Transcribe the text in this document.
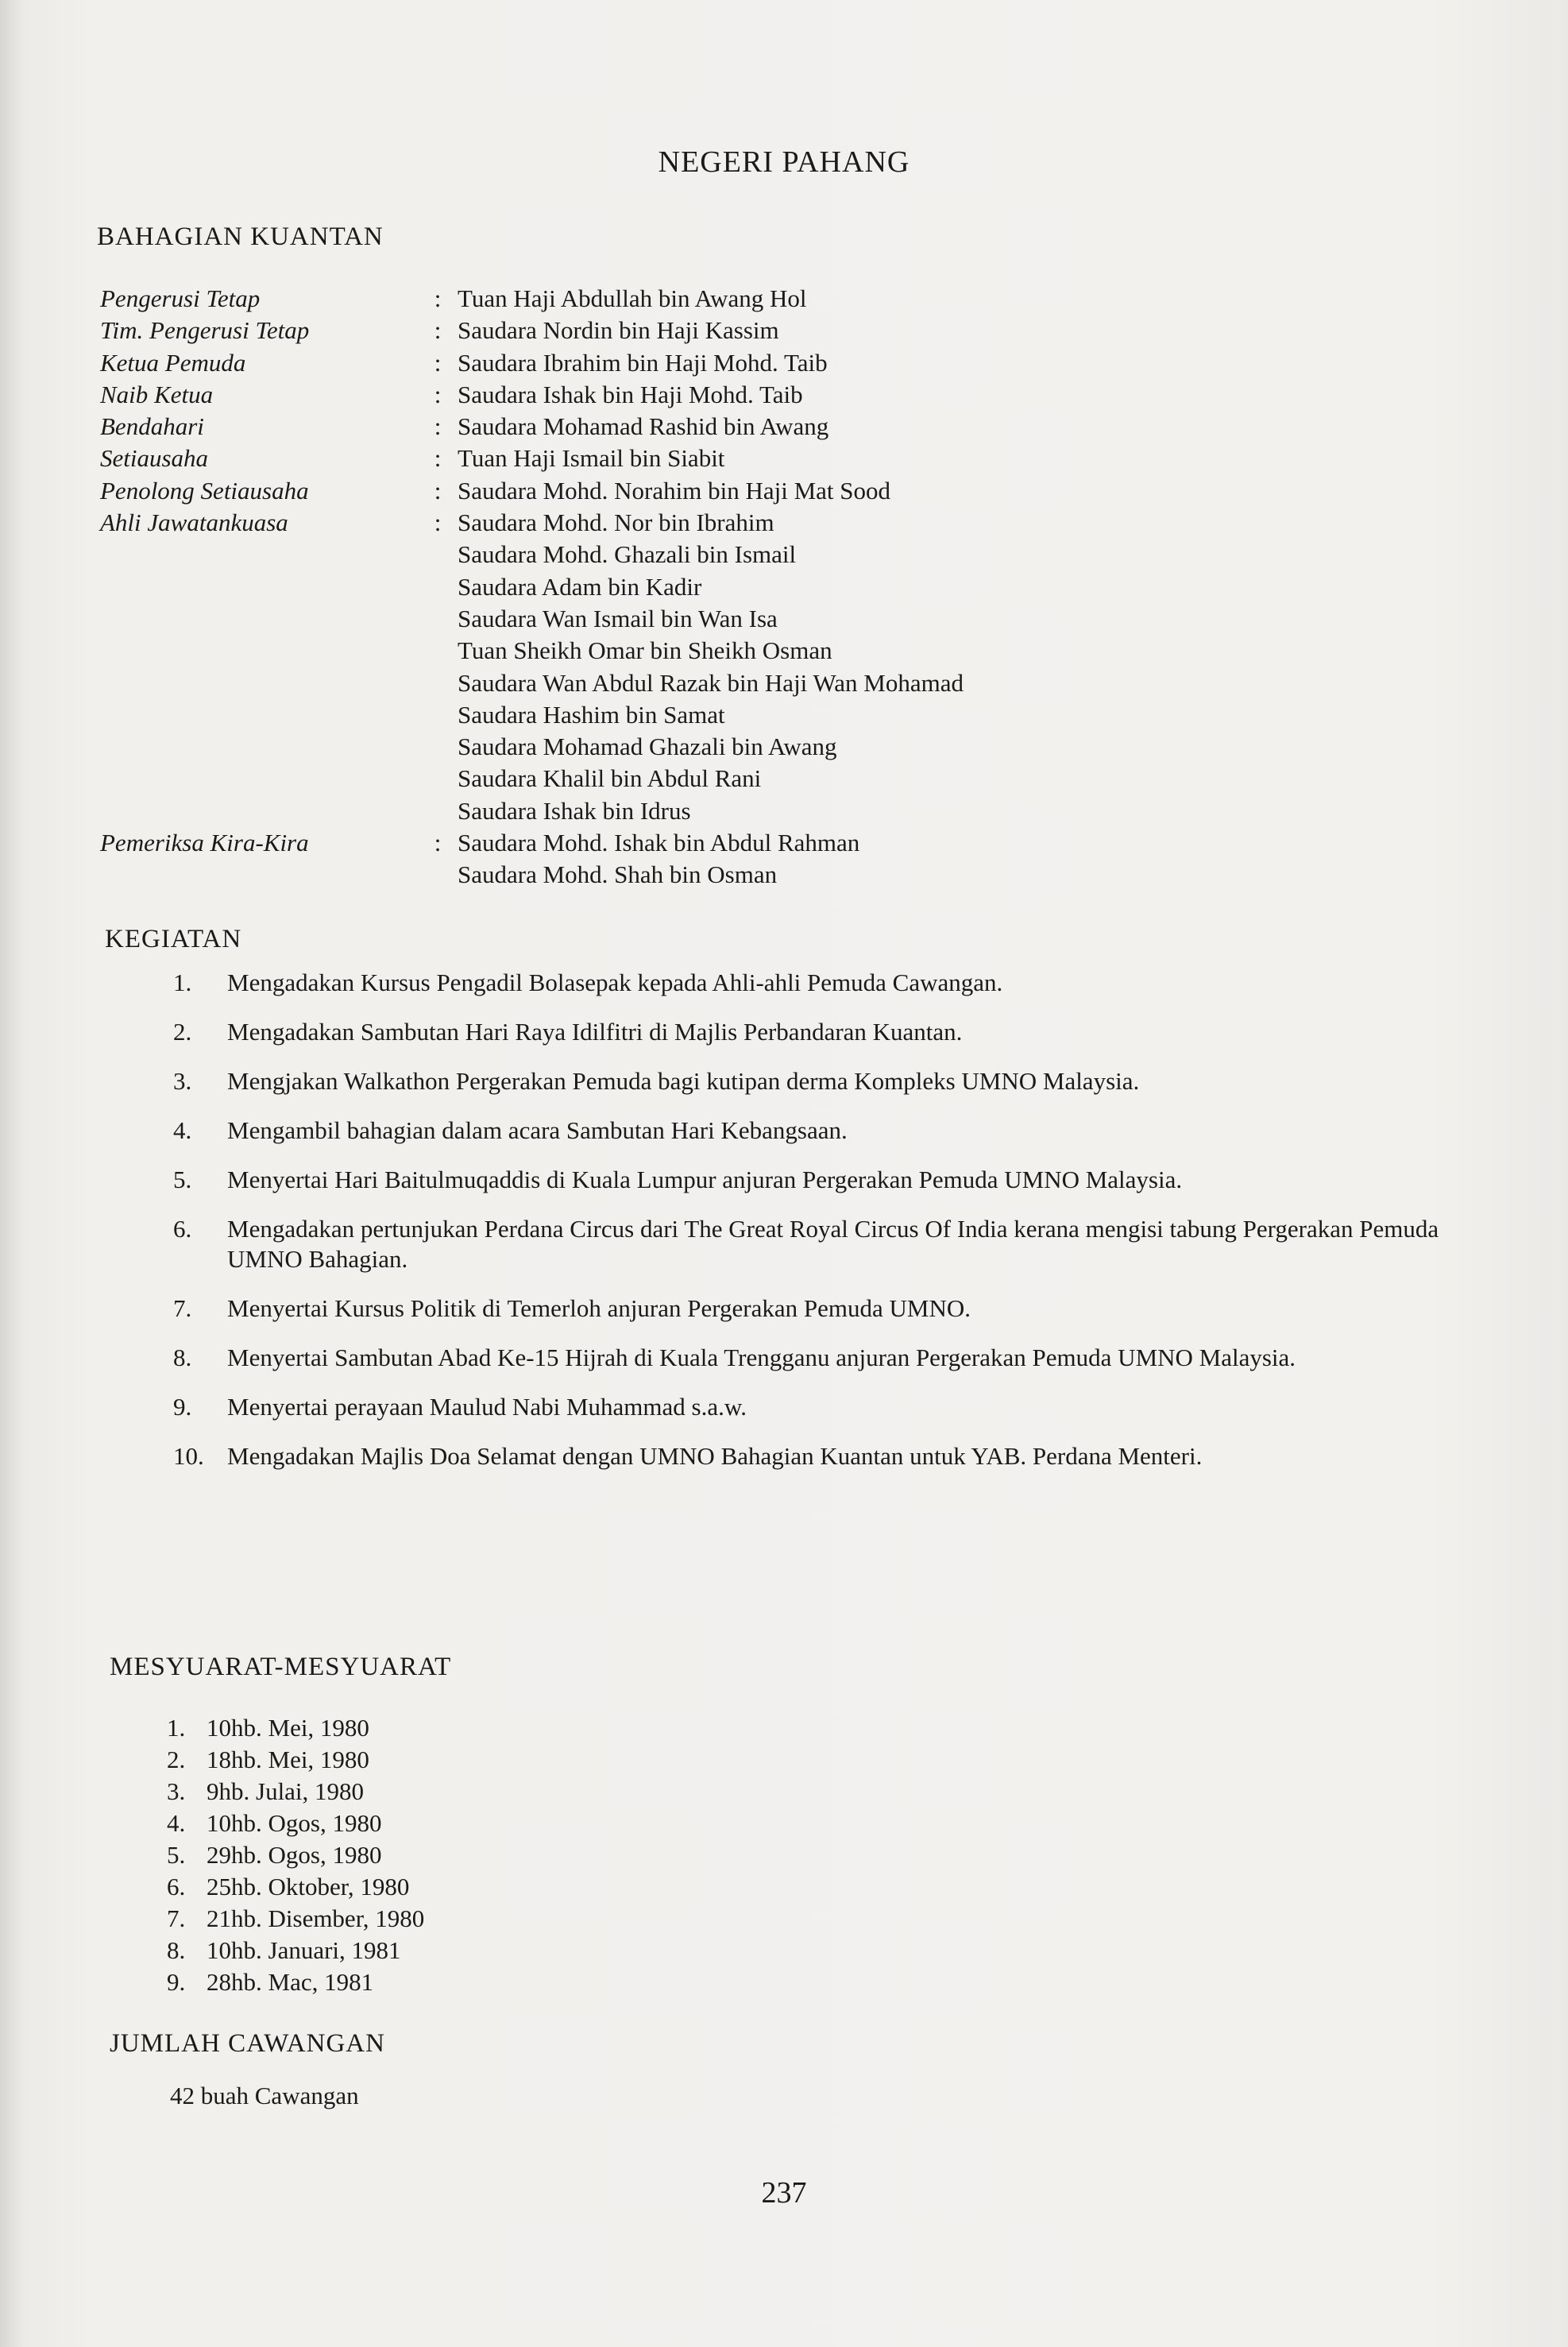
NEGERI PAHANG
BAHAGIAN KUANTAN
Pengerusi Tetap	: Tuan Haji Abdullah bin Awang Hol
Tim. Pengerusi Tetap	: Saudara Nordin bin Haji Kassim
Ketua Pemuda	: Saudara Ibrahim bin Haji Mohd. Taib
Naib Ketua	: Saudara Ishak bin Haji Mohd. Taib
Bendahari	: Saudara Mohamad Rashid bin Awang
Setiausaha	: Tuan Haji Ismail bin Siabit
Penolong Setiausaha	: Saudara Mohd. Norahim bin Haji Mat Sood
Ahli Jawatankuasa	: Saudara Mohd. Nor bin Ibrahim
Saudara Mohd. Ghazali bin Ismail
Saudara Adam bin Kadir
Saudara Wan Ismail bin Wan Isa
Tuan Sheikh Omar bin Sheikh Osman
Saudara Wan Abdul Razak bin Haji Wan Mohamad
Saudara Hashim bin Samat
Saudara Mohamad Ghazali bin Awang
Saudara Khalil bin Abdul Rani
Saudara Ishak bin Idrus
Pemeriksa Kira-Kira	: Saudara Mohd. Ishak bin Abdul Rahman
Saudara Mohd. Shah bin Osman
KEGIATAN
1.	Mengadakan Kursus Pengadil Bolasepak kepada Ahli-ahli Pemuda Cawangan.
2.	Mengadakan Sambutan Hari Raya Idilfitri di Majlis Perbandaran Kuantan.
3.	Mengjakan Walkathon Pergerakan Pemuda bagi kutipan derma Kompleks UMNO Malaysia.
4.	Mengambil bahagian dalam acara Sambutan Hari Kebangsaan.
5.	Menyertai Hari Baitulmuqaddis di Kuala Lumpur anjuran Pergerakan Pemuda UMNO Malaysia.
6.	Mengadakan pertunjukan Perdana Circus dari The Great Royal Circus Of India kerana mengisi tabung Pergerakan Pemuda UMNO Bahagian.
7.	Menyertai Kursus Politik di Temerloh anjuran Pergerakan Pemuda UMNO.
8.	Menyertai Sambutan Abad Ke-15 Hijrah di Kuala Trengganu anjuran Pergerakan Pemuda UMNO Malaysia.
9.	Menyertai perayaan Maulud Nabi Muhammad s.a.w.
10. Mengadakan Majlis Doa Selamat dengan UMNO Bahagian Kuantan untuk YAB. Perdana Menteri.
MESYUARAT-MESYUARAT
1. 10hb. Mei, 1980
2. 18hb. Mei, 1980
3. 9hb. Julai, 1980
4. 10hb. Ogos, 1980
5. 29hb. Ogos, 1980
6. 25hb. Oktober, 1980
7. 21hb. Disember, 1980
8. 10hb. Januari, 1981
9. 28hb. Mac, 1981
JUMLAH CAWANGAN
42 buah Cawangan
237
